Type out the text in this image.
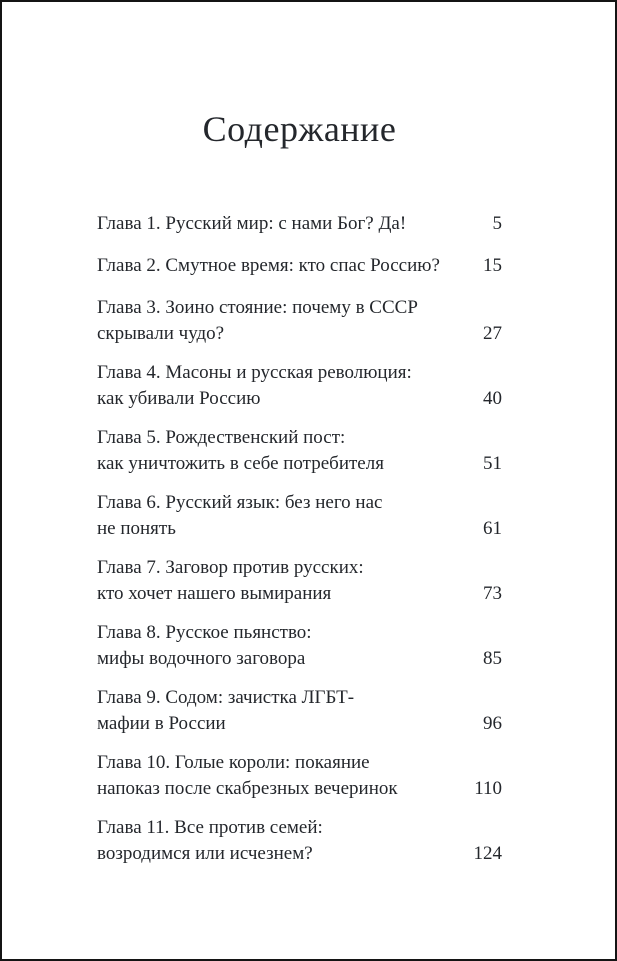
Содержание
Глава 1. Русский мир: с нами Бог? Да!	5
Глава 2. Смутное время: кто спас Россию?	15
Глава 3. Зоино стояние: почему в СССР
скрывали чудо?	27
Глава 4. Масоны и русская революция:
как убивали Россию	40
Глава 5. Рождественский пост:
как уничтожить в себе потребителя	51
Глава 6. Русский язык: без него нас
не понять	61
Глава 7. Заговор против русских:
кто хочет нашего вымирания	73
Глава 8. Русское пьянство:
мифы водочного заговора	85
Глава 9. Содом: зачистка ЛГБТ-
мафии в России	96
Глава 10. Голые короли: покаяние
напоказ после скабрезных вечеринок	110
Глава 11. Все против семей:
возродимся или исчезнем?	124
